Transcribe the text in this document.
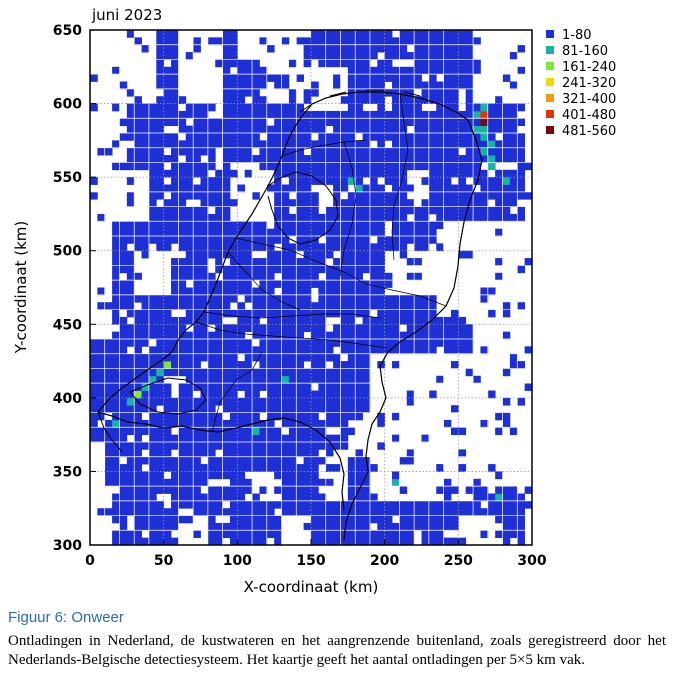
0	50	100	150	200	250	300
650
600
550
500
450
400
350
300
juni 2023
X-coordinaat (km)
Y-coordinaat (km)
1-80
81-160
161-240
241-320
321-400
401-480
481-560

Figuur 6: Onweer

Ontladingen in Nederland, de kustwateren en het aangrenzende buitenland, zoals geregistreerd door het Nederlands-Belgische detectiesysteem. Het kaartje geeft het aantal ontladingen per 5×5 km vak.
